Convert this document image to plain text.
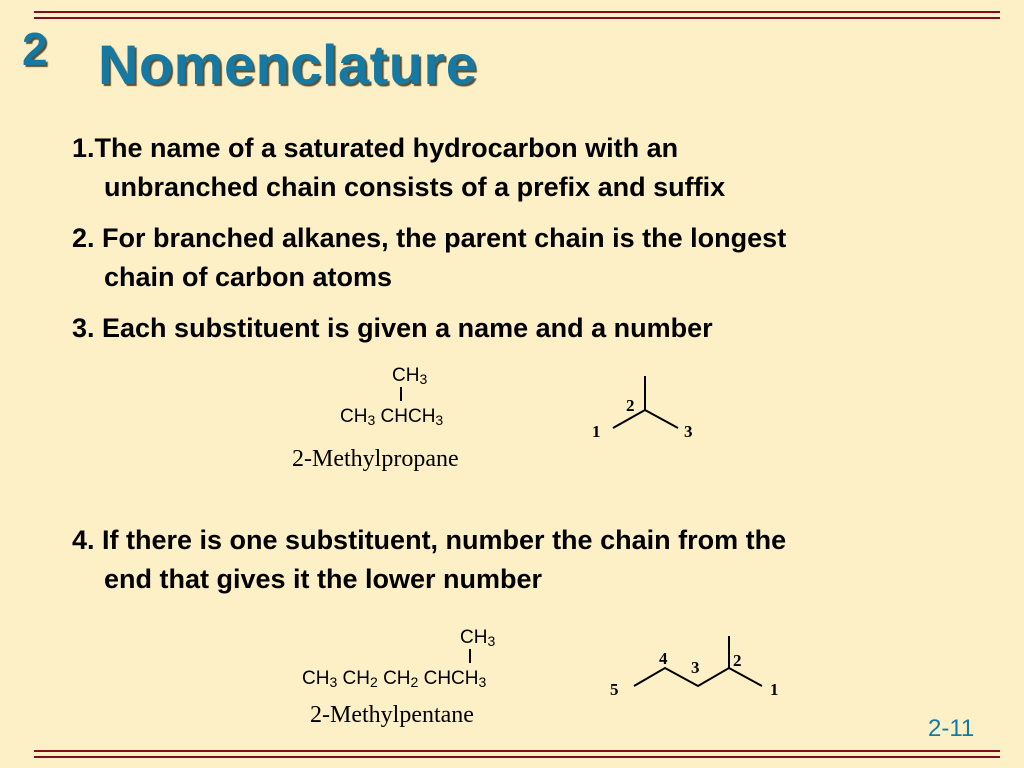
2 Nomenclature
1.The name of a saturated hydrocarbon with an
unbranched chain consists of a prefix and suffix
2. For branched alkanes, the parent chain is the longest
chain of carbon atoms
3. Each substituent is given a name and a number
$CH_3$
$CH_3$ $CHCH_3$
2-Methylpropane
1
2
3
4. If there is one substituent, number the chain from the
end that gives it the lower number
$CH_3$
$CH_3$ $CH_2$ $CH_2$ $CHCH_3$
2-Methylpentane
5
4 3 2
1
2-11
